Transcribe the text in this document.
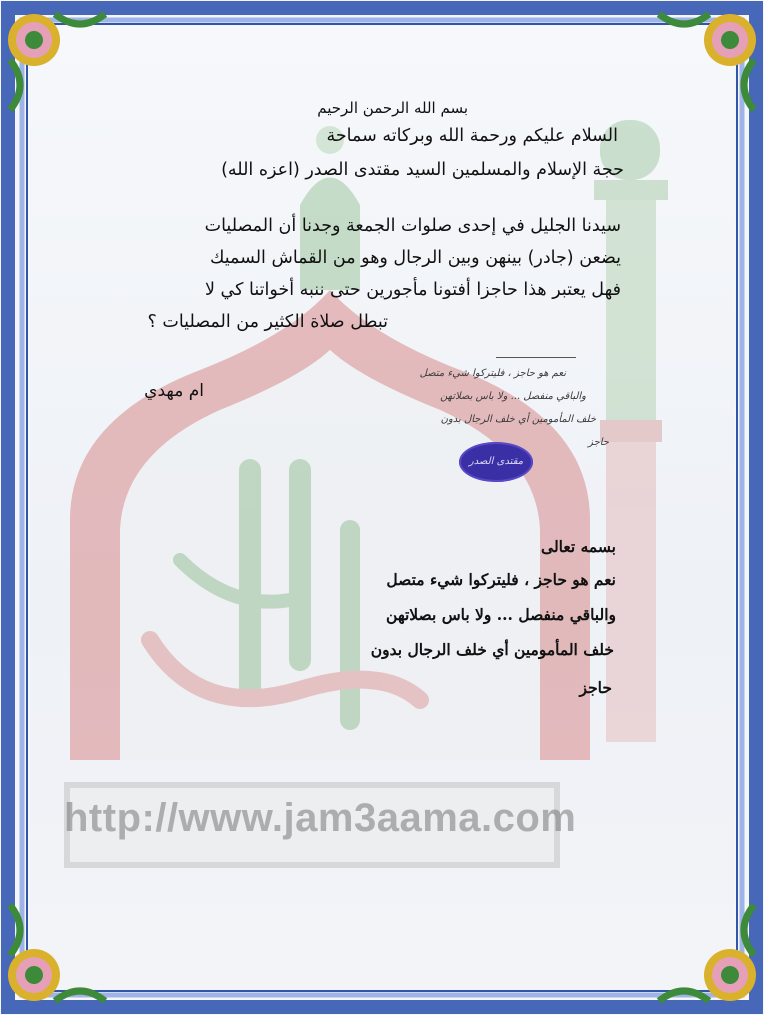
http://www.jam3aama.com
بسم الله الرحمن الرحيم
السلام عليكم ورحمة الله وبركاته سماحة
حجة الإسلام والمسلمين السيد مقتدى الصدر (اعزه الله)
سيدنا الجليل في إحدى صلوات الجمعة وجدنا أن المصليات
يضعن (جادر) بينهن وبين الرجال وهو من القماش السميك
فهل يعتبر هذا حاجزا أفتونا مأجورين حتى ننبه أخواتنا كي لا
تبطل صلاة الكثير من المصليات ؟
ام مهدي
نعم هو حاجز ، فليتركوا شيء متصل
والباقي منفصل ... ولا باس بصلاتهن
خلف المأمومين أي خلف الرجال بدون
حاجز
مقتدى الصدر
بسمه تعالى
نعم هو حاجز ، فليتركوا شيء متصل
والباقي منفصل ... ولا باس بصلاتهن
خلف المأمومين أي خلف الرجال بدون
حاجز
